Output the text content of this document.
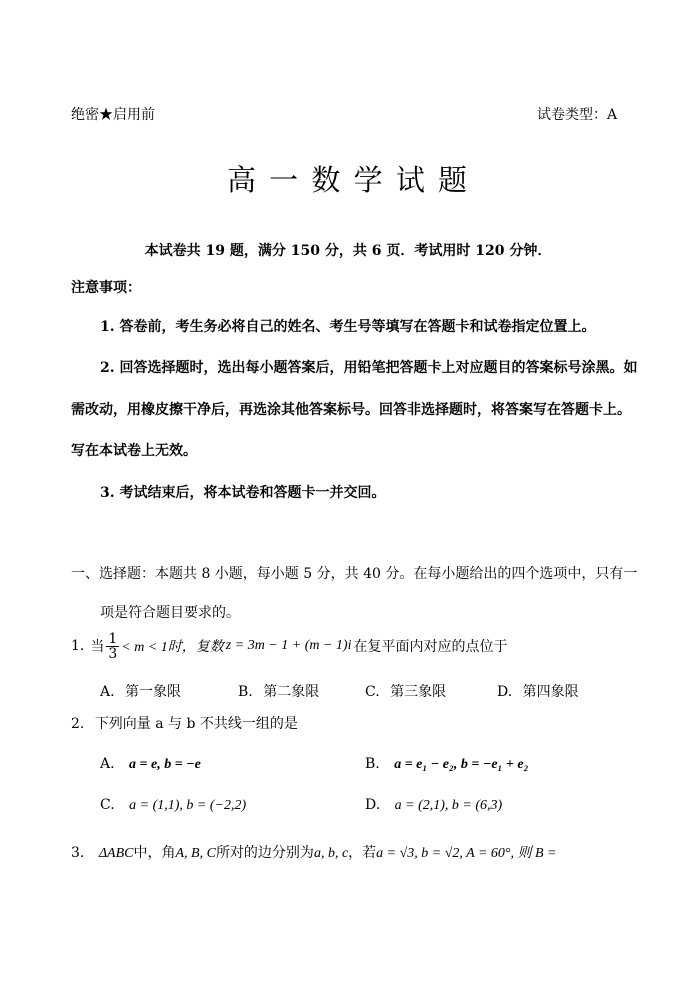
绝密★启用前	试卷类型：A
高 一 数 学 试 题
本试卷共 19 题，满分 150 分，共 6 页．考试用时 120 分钟．
注意事项：
1. 答卷前，考生务必将自己的姓名、考生号等填写在答题卡和试卷指定位置上。
2. 回答选择题时，选出每小题答案后，用铅笔把答题卡上对应题目的答案标号涂黑。如
需改动，用橡皮擦干净后，再选涂其他答案标号。回答非选择题时，将答案写在答题卡上。
写在本试卷上无效。
3. 考试结束后，将本试卷和答题卡一并交回。
一、选择题：本题共 8 小题，每小题 5 分，共 40 分。在每小题给出的四个选项中，只有一
项是符合题目要求的。
1. 当 $\frac{1}{3} < m < 1$时，复数 z = 3m − 1 + (m − 1)i 在复平面内对应的点位于
A. 第一象限	B. 第二象限	C. 第三象限	D. 第四象限
2. 下列向量 a 与 b 不共线一组的是
A. a = e, b = −e	B. a = e₁ − e₂, b = −e₁ + e₂
C. a = (1,1), b = (−2,2)	D. a = (2,1), b = (6,3)
3. ΔABC中，角A, B, C所对的边分别为a, b, c，若a = √3, b = √2, A = 60°, 则 B =
